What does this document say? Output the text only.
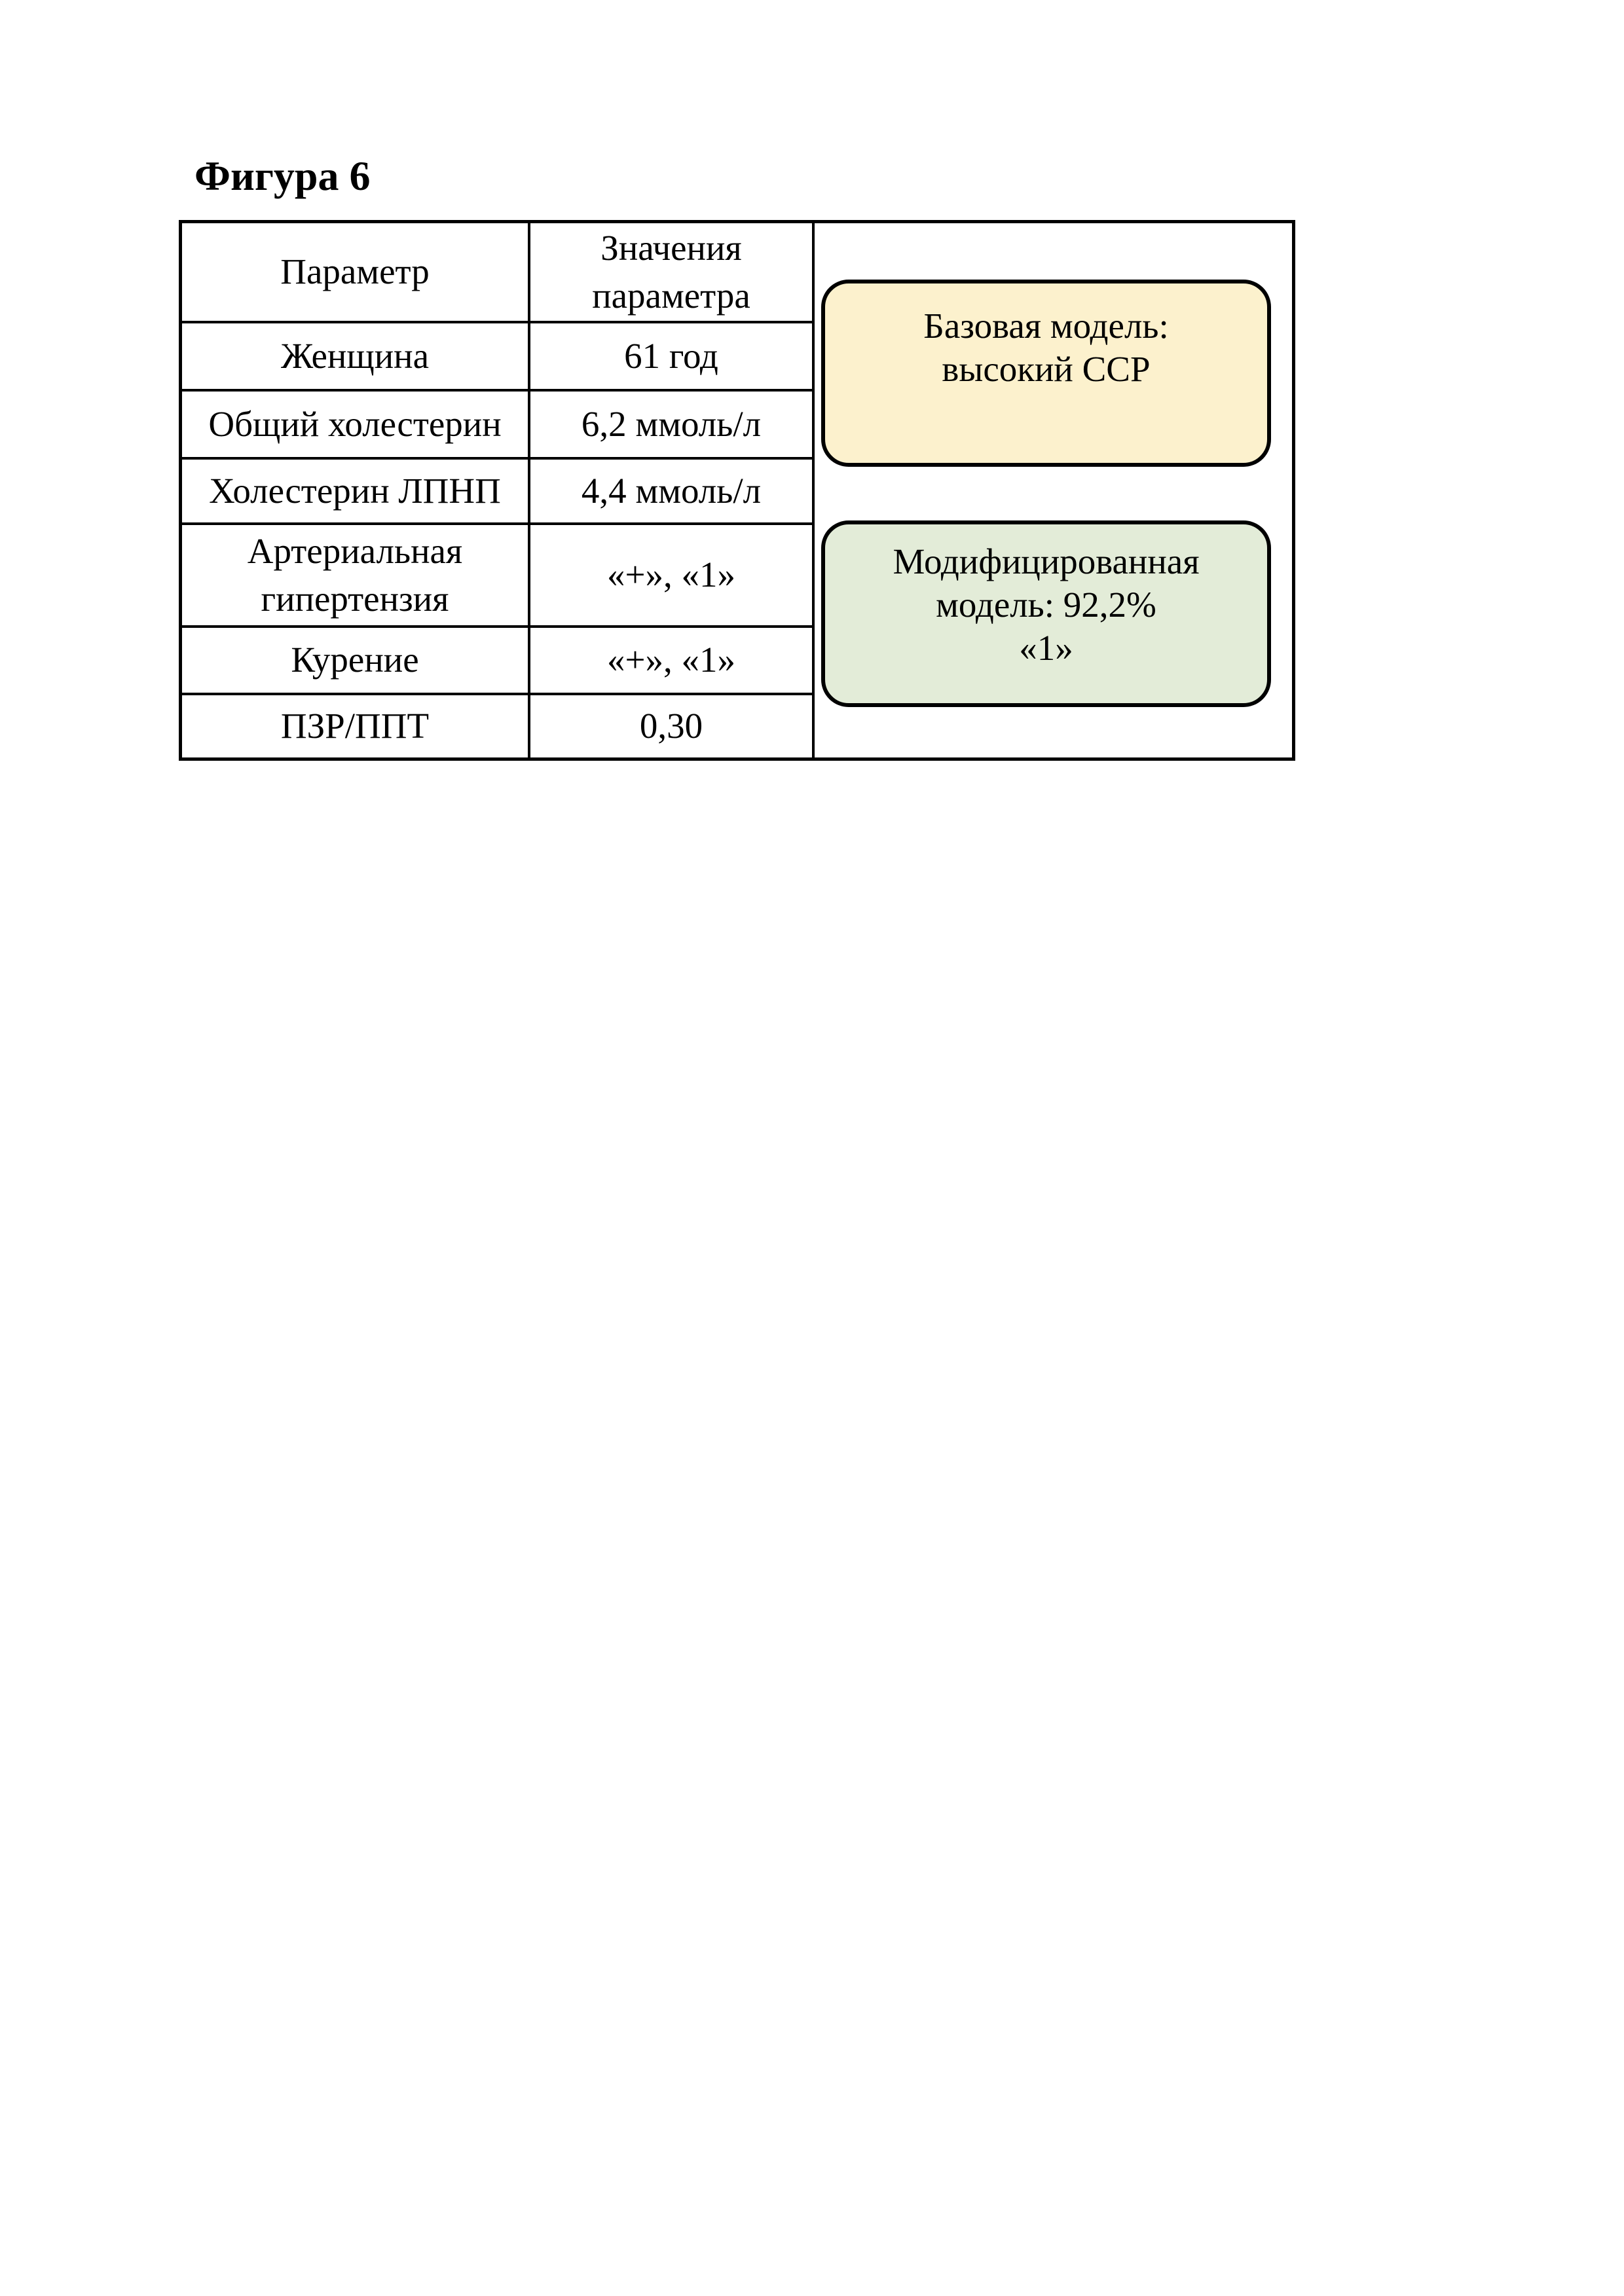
Фигура 6
Параметр	Значения параметра
Женщина	61 год
Общий холестерин	6,2 ммоль/л
Холестерин ЛПНП	4,4 ммоль/л
Артериальная гипертензия	«+», «1»
Курение	«+», «1»
ПЗР/ППТ	0,30
Базовая модель:
высокий ССР
Модифицированная
модель: 92,2%
«1»
